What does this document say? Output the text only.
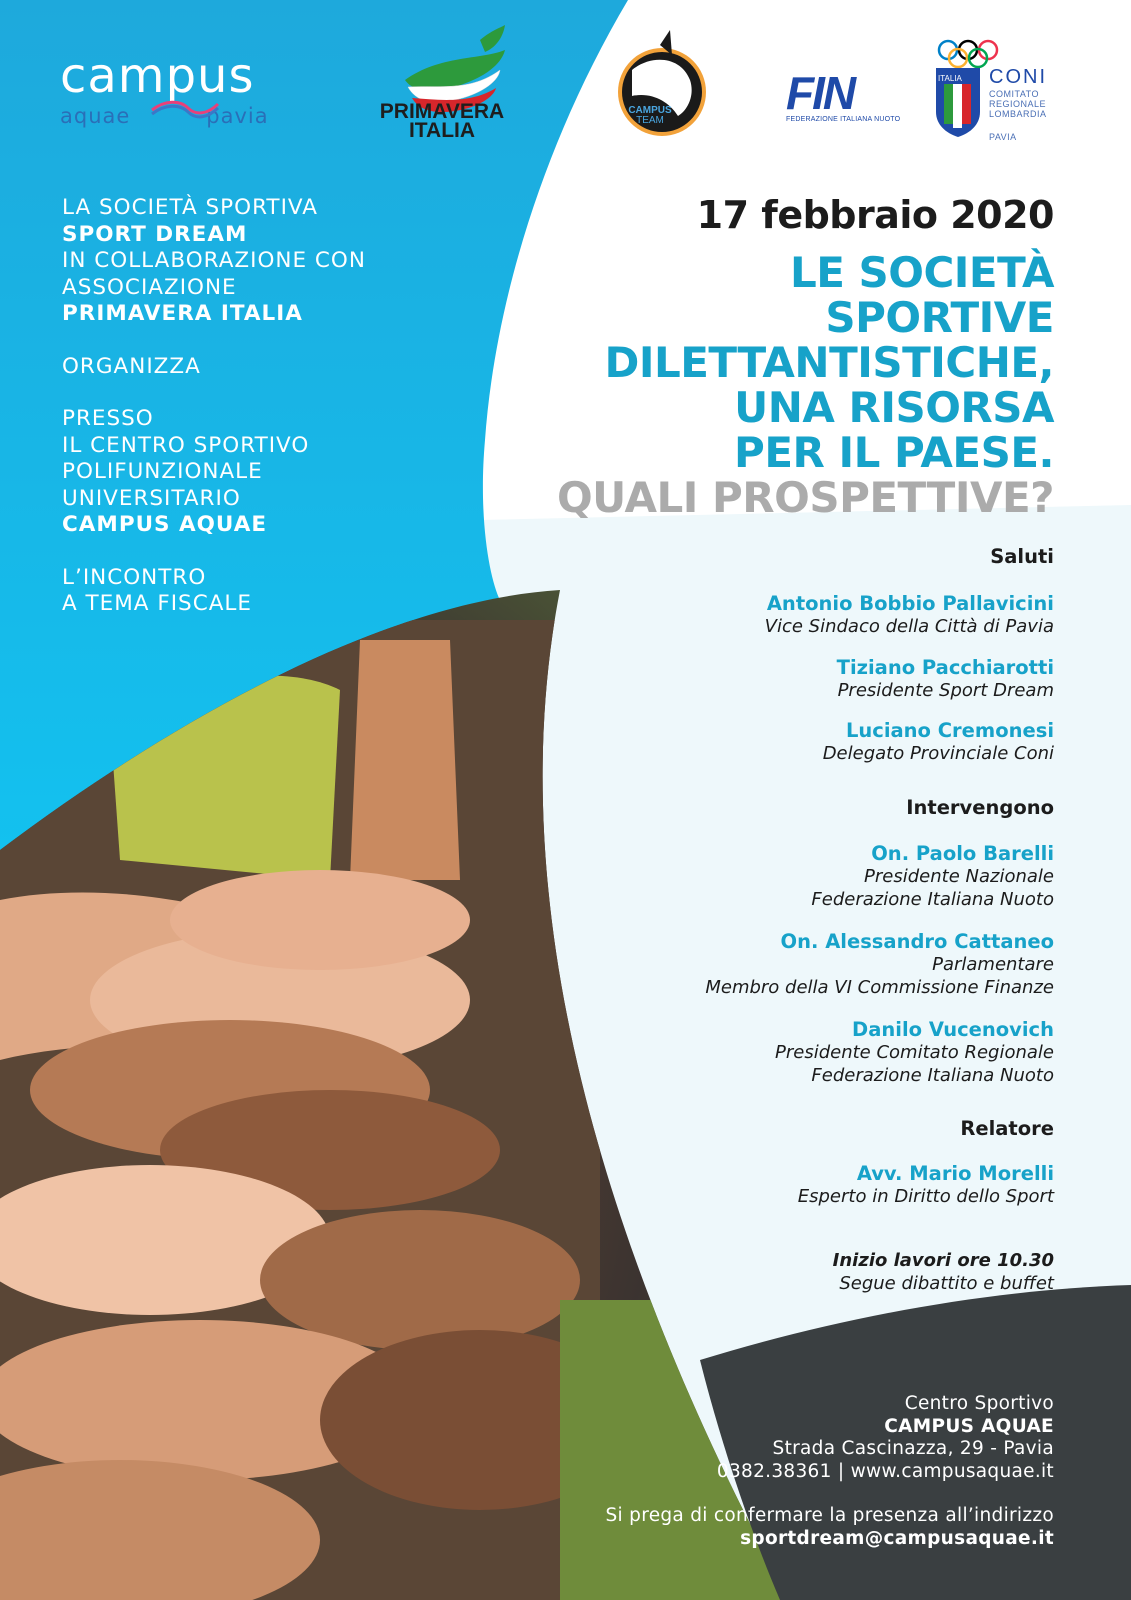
campus
aquae	pavia	PRIMAVERA
ITALIA
CAMPUS
TEAM
FIN
FEDERAZIONE ITALIANA NUOTO
ITALIA CONI
COMITATO
REGIONALE
LOMBARDIA
PAVIA
LA SOCIETÀ SPORTIVA
SPORT DREAM
IN COLLABORAZIONE CON
ASSOCIAZIONE
PRIMAVERA ITALIA
ORGANIZZA
PRESSO
IL CENTRO SPORTIVO
POLIFUNZIONALE
UNIVERSITARIO
CAMPUS AQUAE
L’INCONTRO
A TEMA FISCALE
17 febbraio 2020
LE SOCIETÀ
SPORTIVE
DILETTANTISTICHE,
UNA RISORSA
PER IL PAESE.
QUALI PROSPETTIVE?
Saluti
Antonio Bobbio Pallavicini
Vice Sindaco della Città di Pavia
Tiziano Pacchiarotti
Presidente Sport Dream
Luciano Cremonesi
Delegato Provinciale Coni
Intervengono
On. Paolo Barelli
Presidente Nazionale
Federazione Italiana Nuoto
On. Alessandro Cattaneo
Parlamentare
Membro della VI Commissione Finanze
Danilo Vucenovich
Presidente Comitato Regionale
Federazione Italiana Nuoto
Relatore
Avv. Mario Morelli
Esperto in Diritto dello Sport
Inizio lavori ore 10.30
Segue dibattito e buffet
Centro Sportivo
CAMPUS AQUAE
Strada Cascinazza, 29 - Pavia
0382.38361 | www.campusaquae.it
Si prega di confermare la presenza all’indirizzo
sportdream@campusaquae.it
